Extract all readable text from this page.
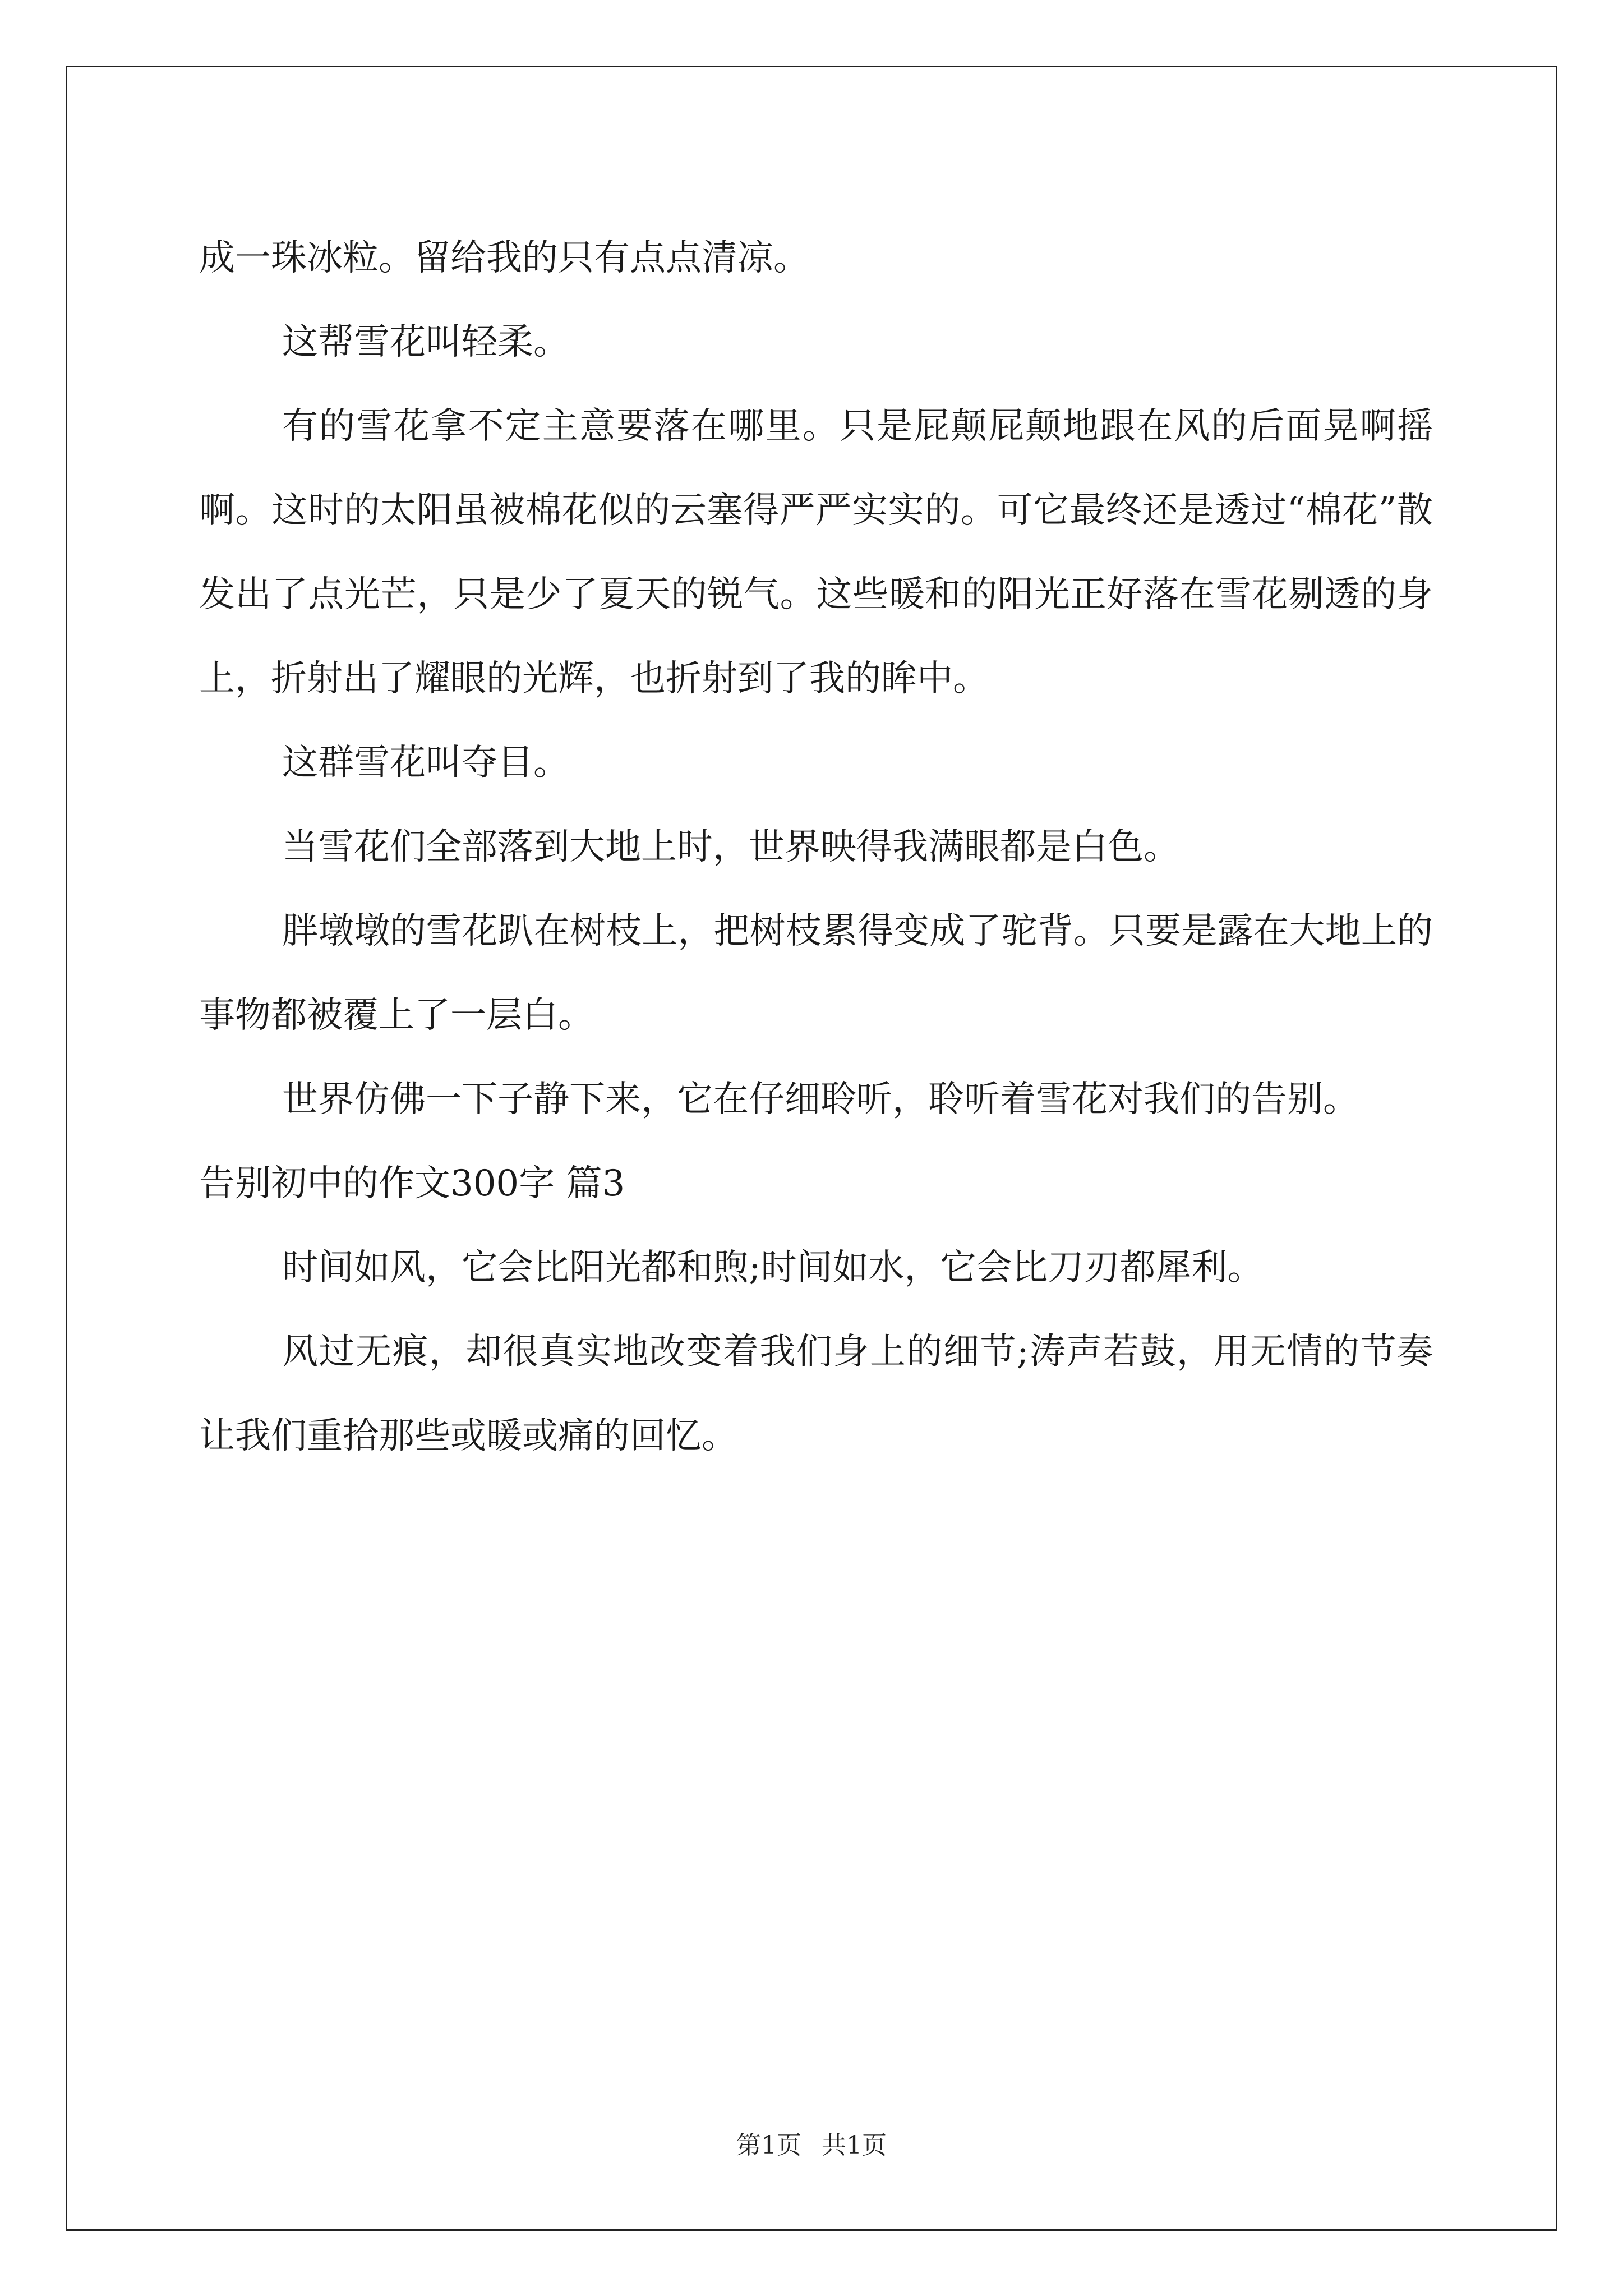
成一珠冰粒。留给我的只有点点清凉。

这帮雪花叫轻柔。

有的雪花拿不定主意要落在哪里。只是屁颠屁颠地跟在风的后面晃啊摇啊。这时的太阳虽被棉花似的云塞得严严实实的。可它最终还是透过“棉花”散发出了点光芒，只是少了夏天的锐气。这些暖和的阳光正好落在雪花剔透的身上，折射出了耀眼的光辉，也折射到了我的眸中。

这群雪花叫夺目。

当雪花们全部落到大地上时，世界映得我满眼都是白色。

胖墩墩的雪花趴在树枝上，把树枝累得变成了驼背。只要是露在大地上的事物都被覆上了一层白。

世界仿佛一下子静下来，它在仔细聆听，聆听着雪花对我们的告别。

告别初中的作文300字 篇3

时间如风，它会比阳光都和煦;时间如水，它会比刀刃都犀利。

风过无痕，却很真实地改变着我们身上的细节;涛声若鼓，用无情的节奏让我们重拾那些或暖或痛的回忆。

第1页 共1页
